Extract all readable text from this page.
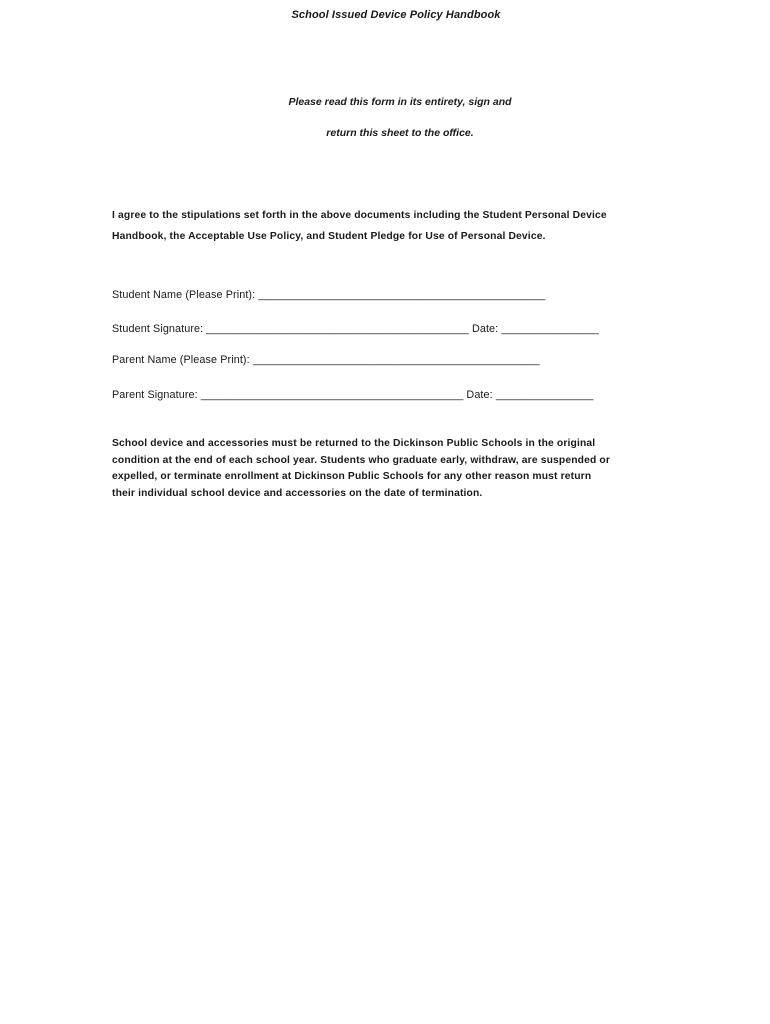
School Issued Device Policy Handbook
Please read this form in its entirety, sign and
return this sheet to the office.
I agree to the stipulations set forth in the above documents including the Student Personal Device
Handbook, the Acceptable Use Policy, and Student Pledge for Use of Personal Device.
Student Name (Please Print): _______________________________________________
Student Signature: ___________________________________________ Date: ________________
Parent Name (Please Print): _______________________________________________
Parent Signature: ___________________________________________ Date: ________________
School device and accessories must be returned to the Dickinson Public Schools in the original
condition at the end of each school year. Students who graduate early, withdraw, are suspended or
expelled, or terminate enrollment at Dickinson Public Schools for any other reason must return
their individual school device and accessories on the date of termination.
